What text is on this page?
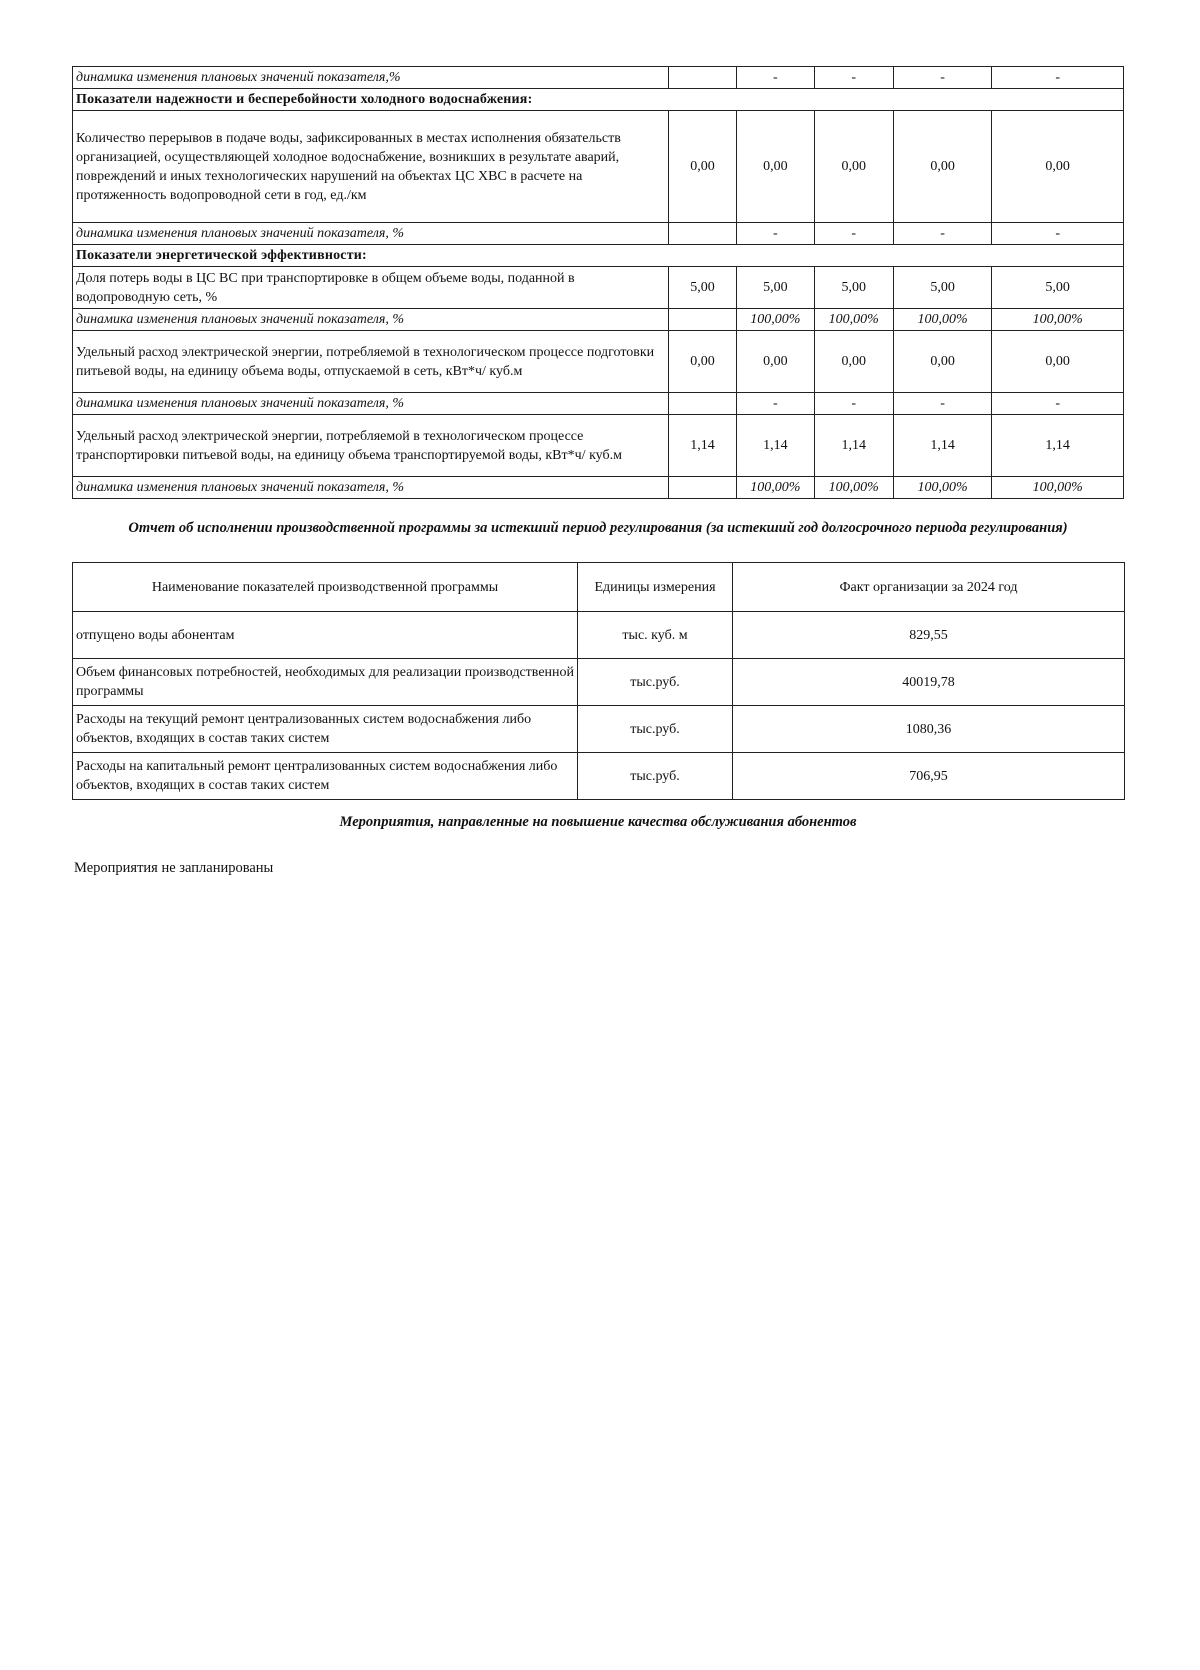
динамика изменения плановых значений показателя,%		-	-	-	-
Показатели надежности и бесперебойности холодного водоснабжения:					
Количество перерывов в подаче воды, зафиксированных в местах исполнения обязательств организацией, осуществляющей холодное водоснабжение, возникших в результате аварий, повреждений и иных технологических нарушений на объектах ЦС ХВС в расчете на протяженность водопроводной сети в год, ед./км	0,00	0,00	0,00	0,00	0,00
динамика изменения плановых значений показателя, %		-	-	-	-
Показатели энергетической эффективности:					
Доля потерь воды в ЦС ВС при транспортировке в общем объеме воды, поданной в водопроводную сеть, %	5,00	5,00	5,00	5,00	5,00
динамика изменения плановых значений показателя, %		100,00%	100,00%	100,00%	100,00%
Удельный расход электрической энергии, потребляемой в технологическом процессе подготовки питьевой воды, на единицу объема воды, отпускаемой в сеть, кВт*ч/ куб.м	0,00	0,00	0,00	0,00	0,00
динамика изменения плановых значений показателя, %		-	-	-	-
Удельный расход электрической энергии, потребляемой в технологическом процессе транспортировки питьевой воды, на единицу объема транспортируемой воды, кВт*ч/ куб.м	1,14	1,14	1,14	1,14	1,14
динамика изменения плановых значений показателя, %		100,00%	100,00%	100,00%	100,00%
Отчет об исполнении производственной программы за истекший период регулирования (за истекший год долгосрочного периода регулирования)
Наименование показателей производственной программы	Единицы измерения	Факт организации за 2024 год
отпущено воды абонентам	тыс. куб. м	829,55
Объем финансовых потребностей, необходимых для реализации производственной программы	тыс.руб.	40019,78
Расходы на текущий ремонт централизованных систем водоснабжения либо объектов, входящих в состав таких систем	тыс.руб.	1080,36
Расходы на капитальный ремонт централизованных систем водоснабжения либо объектов, входящих в состав таких систем	тыс.руб.	706,95
Мероприятия, направленные на повышение качества обслуживания абонентов
Мероприятия не запланированы
